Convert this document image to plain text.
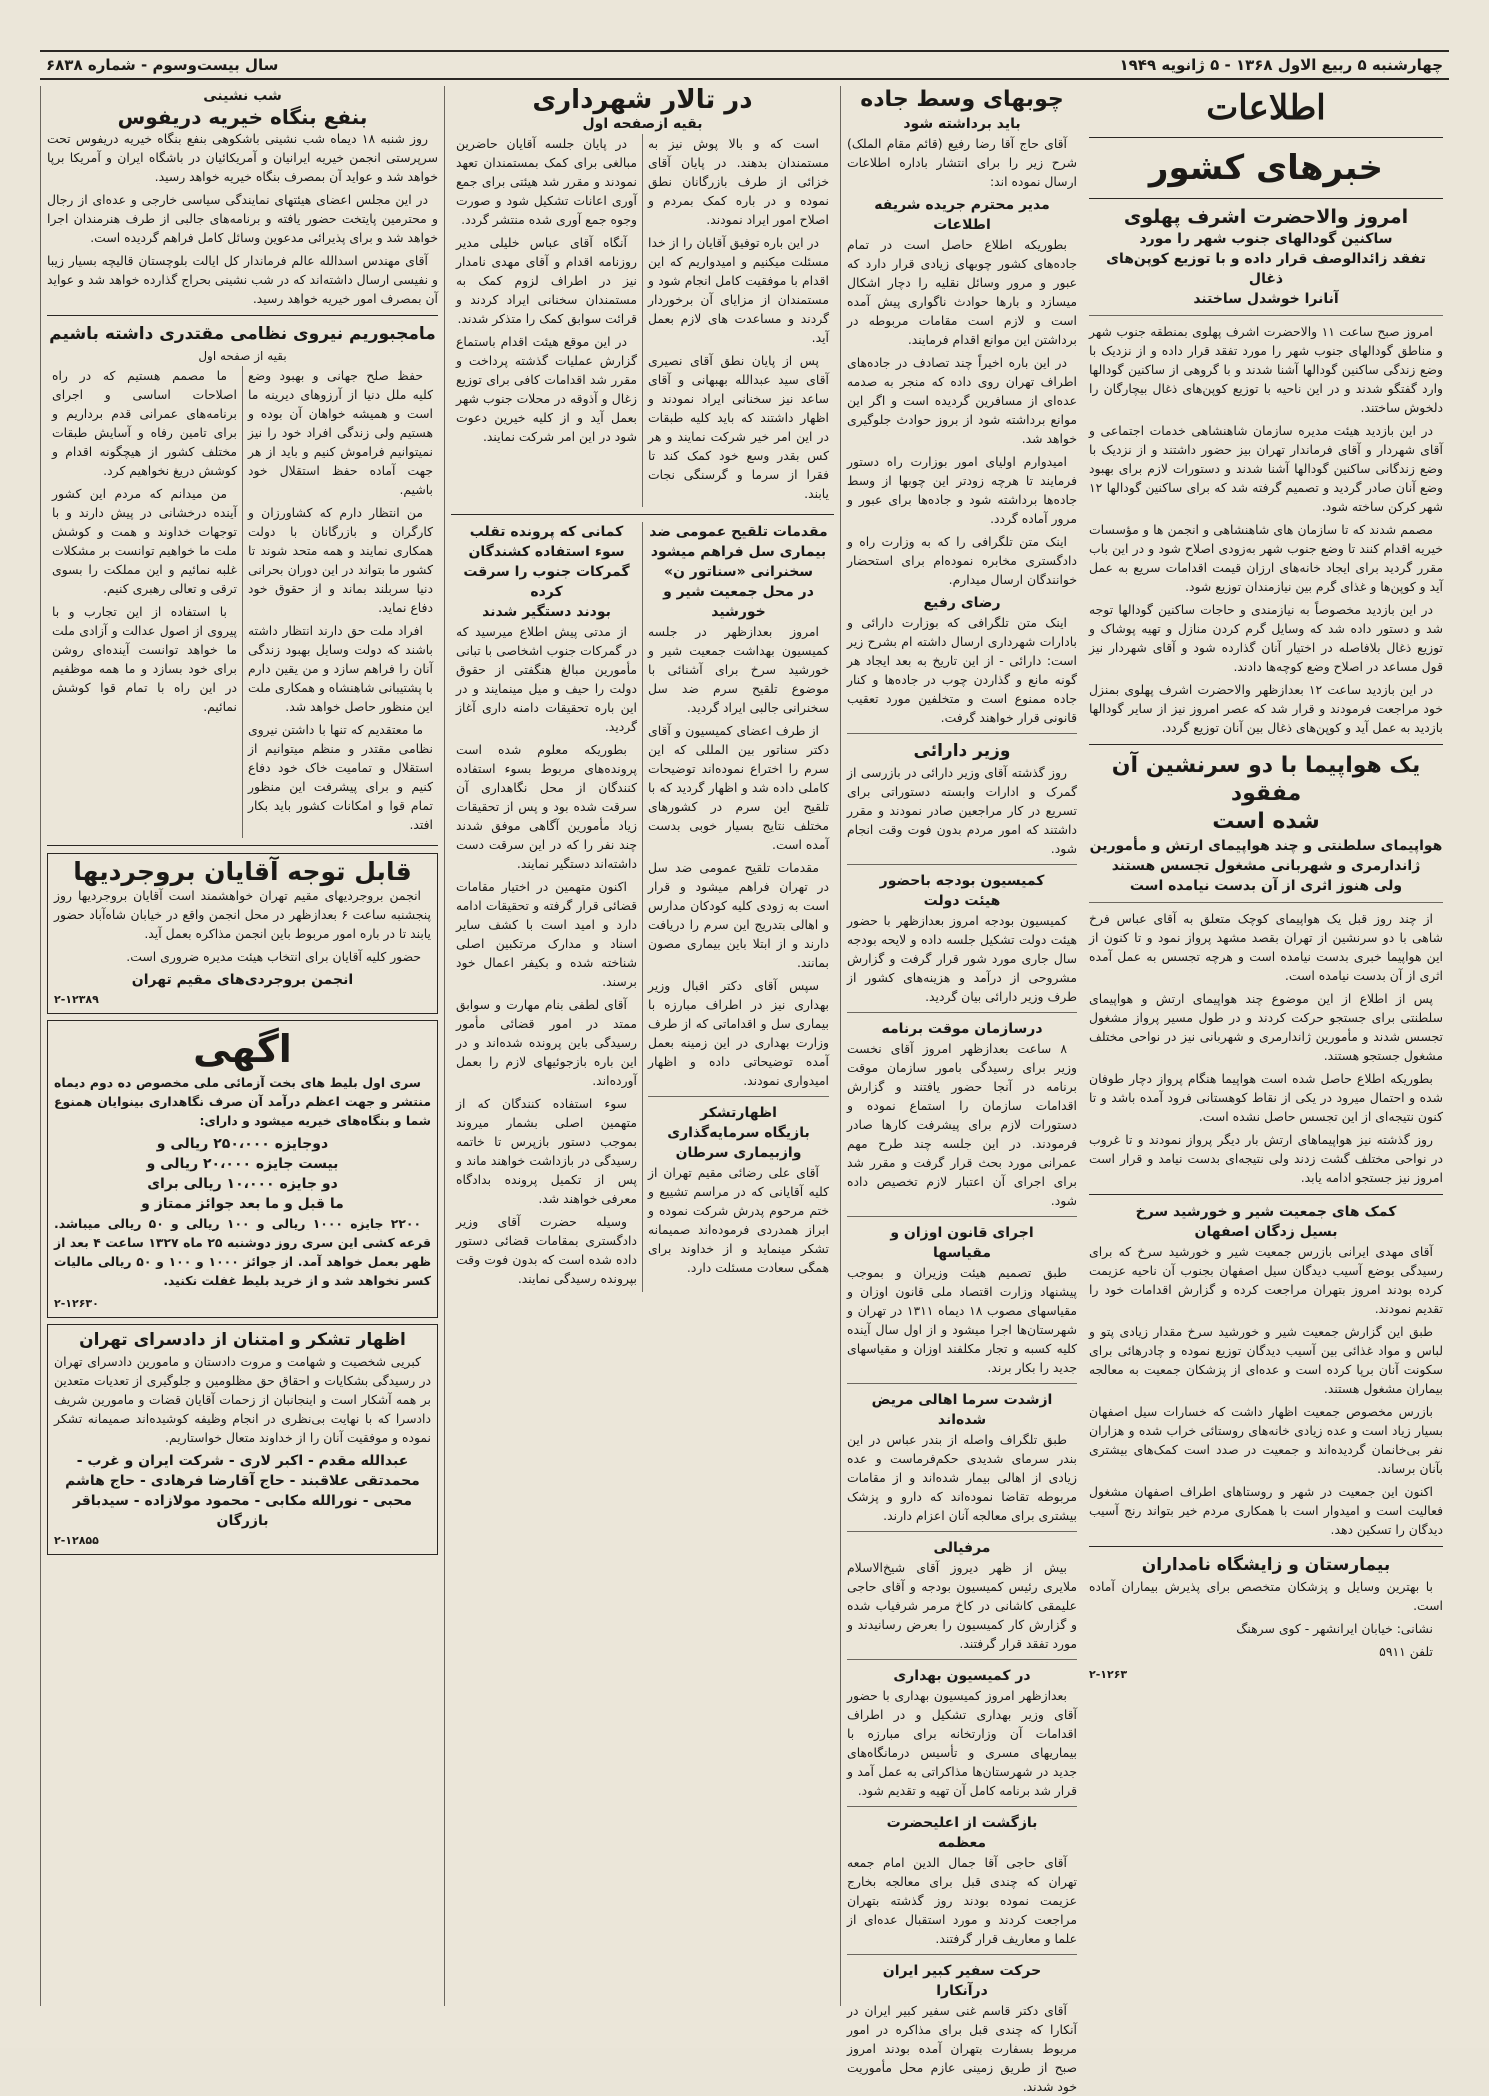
چهارشنبه ۵ ربیع الاول ۱۳۶۸ - ۵ ژانویه ۱۹۴۹
سال بیست‌وسوم - شماره ۶۸۳۸
اطلاعات
خبرهای کشور
امروز والاحضرت اشرف پهلوی
ساکنین گودالهای جنوب شهر را مورد
تفقد زائدالوصف قرار داده و با توزیع کوپن‌های ذغال
آنانرا خوشدل ساختند

امروز صبح ساعت ۱۱ والاحضرت اشرف پهلوی بمنطقه جنوب شهر و مناطق گودالهای جنوب شهر را مورد تفقد قرار داده و از نزدیک با وضع زندگی ساکنین گودالها آشنا شدند و با گروهی از ساکنین گودالها وارد گفتگو شدند و در این ناحیه با توزیع کوپن‌های ذغال بیچارگان را دلخوش ساختند.

در این بازدید هیئت مدیره سازمان شاهنشاهی خدمات اجتماعی و آقای شهردار و آقای فرماندار تهران بیز حضور داشتند و از نزدیک با وضع زندگانی ساکنین گودالها آشنا شدند و دستورات لازم برای بهبود وضع آنان صادر گردید و تصمیم گرفته شد که برای ساکنین گودالها ۱۲ شهر کرکن ساخته شود.

مصمم شدند که تا سازمان های شاهنشاهی و انجمن ها و مؤسسات خیریه اقدام کنند تا وضع جنوب شهر به‌زودی اصلاح شود و در این باب مقرر گردید برای ایجاد خانه‌های ارزان قیمت اقدامات سریع به عمل آید و کوپن‌ها و غذای گرم بین نیازمندان توزیع شود.

در این بازدید مخصوصاً به نیازمندی و حاجات ساکنین گودالها توجه شد و دستور داده شد که وسایل گرم کردن منازل و تهیه پوشاک و توزیع ذغال بلافاصله در اختیار آنان گذارده شود و آقای شهردار نیز قول مساعد در اصلاح وضع کوچه‌ها دادند.

در این بازدید ساعت ۱۲ بعدازظهر والاحضرت اشرف پهلوی بمنزل خود مراجعت فرمودند و قرار شد که عصر امروز نیز از سایر گودالها بازدید به عمل آید و کوپن‌های ذغال بین آنان توزیع گردد.

یک هواپیما با دو سرنشین آن مفقود
شده است
هواپیمای سلطنتی و چند هواپیمای ارتش و مأمورین
ژاندارمری و شهربانی مشغول تجسس هستند
ولی هنوز اثری از آن بدست نیامده است

از چند روز قبل یک هواپیمای کوچک متعلق به آقای عباس فرخ شاهی با دو سرنشین از تهران بقصد مشهد پرواز نمود و تا کنون از این هواپیما خبری بدست نیامده است و هرچه تجسس به عمل آمده اثری از آن بدست نیامده است.

پس از اطلاع از این موضوع چند هواپیمای ارتش و هواپیمای سلطنتی برای جستجو حرکت کردند و در طول مسیر پرواز مشغول تجسس شدند و مأمورین ژاندارمری و شهربانی نیز در نواحی مختلف مشغول جستجو هستند.

بطوریکه اطلاع حاصل شده است هواپیما هنگام پرواز دچار طوفان شده و احتمال میرود در یکی از نقاط کوهستانی فرود آمده باشد و تا کنون نتیجه‌ای از این تجسس حاصل نشده است.

روز گذشته نیز هواپیماهای ارتش بار دیگر پرواز نمودند و تا غروب در نواحی مختلف گشت زدند ولی نتیجه‌ای بدست نیامد و قرار است امروز نیز جستجو ادامه یابد.

کمک های جمعیت شیر و خورشید سرخ
بسیل زدگان اصفهان

آقای مهدی ایرانی بازرس جمعیت شیر و خورشید سرخ که برای رسیدگی بوضع آسیب دیدگان سیل اصفهان بجنوب آن ناحیه عزیمت کرده بودند امروز بتهران مراجعت کرده و گزارش اقدامات خود را تقدیم نمودند.

طبق این گزارش جمعیت شیر و خورشید سرخ مقدار زیادی پتو و لباس و مواد غذائی بین آسیب دیدگان توزیع نموده و چادرهائی برای سکونت آنان برپا کرده است و عده‌ای از پزشکان جمعیت به معالجه بیماران مشغول هستند.

بازرس مخصوص جمعیت اظهار داشت که خسارات سیل اصفهان بسیار زیاد است و عده زیادی خانه‌های روستائی خراب شده و هزاران نفر بی‌خانمان گردیده‌اند و جمعیت در صدد است کمک‌های بیشتری بآنان برساند.

اکنون این جمعیت در شهر و روستاهای اطراف اصفهان مشغول فعالیت است و امیدوار است با همکاری مردم خیر بتواند رنج آسیب دیدگان را تسکین دهد.

بیمارستان و زایشگاه نامداران

با بهترین وسایل و پزشکان متخصص برای پذیرش بیماران آماده است.

نشانی: خیابان ایرانشهر - کوی سرهنگ

تلفن ۵۹۱۱

۲-۱۲۶۳
چوبهای وسط جاده
باید برداشته شود

آقای حاج آقا رضا رفیع (قائم مقام الملک) شرح زیر را برای انتشار باداره اطلاعات ارسال نموده اند:

مدیر محترم جریده شریفه اطلاعات

بطوریکه اطلاع حاصل است در تمام جاده‌های کشور چوبهای زیادی قرار دارد که عبور و مرور وسائل نقلیه را دچار اشکال میسازد و بارها حوادث ناگواری پیش آمده است و لازم است مقامات مربوطه در برداشتن این موانع اقدام فرمایند.

در این باره اخیراً چند تصادف در جاده‌های اطراف تهران روی داده که منجر به صدمه عده‌ای از مسافرین گردیده است و اگر این موانع برداشته شود از بروز حوادث جلوگیری خواهد شد.

امیدوارم اولیای امور بوزارت راه دستور فرمایند تا هرچه زودتر این چوبها از وسط جاده‌ها برداشته شود و جاده‌ها برای عبور و مرور آماده گردد.

اینک متن تلگرافی را که به وزارت راه و دادگستری مخابره نموده‌ام برای استحضار خوانندگان ارسال میدارم.

رضای رفیع

اینک متن تلگرافی که بوزارت دارائی و بادارات شهرداری ارسال داشته ام بشرح زیر است: دارائی - از این تاریخ به بعد ایجاد هر گونه مانع و گذاردن چوب در جاده‌ها و کنار جاده ممنوع است و متخلفین مورد تعقیب قانونی قرار خواهند گرفت.

وزیر دارائی

روز گذشته آقای وزیر دارائی در بازرسی از گمرک و ادارات وابسته دستوراتی برای تسریع در کار مراجعین صادر نمودند و مقرر داشتند که امور مردم بدون فوت وقت انجام شود.

کمیسیون بودجه باحضور
هیئت دولت

کمیسیون بودجه امروز بعدازظهر با حضور هیئت دولت تشکیل جلسه داده و لایحه بودجه سال جاری مورد شور قرار گرفت و گزارش مشروحی از درآمد و هزینه‌های کشور از طرف وزیر دارائی بیان گردید.

درسازمان موقت برنامه

۸ ساعت بعدازظهر امروز آقای نخست وزیر برای رسیدگی بامور سازمان موقت برنامه در آنجا حضور یافتند و گزارش اقدامات سازمان را استماع نموده و دستورات لازم برای پیشرفت کارها صادر فرمودند. در این جلسه چند طرح مهم عمرانی مورد بحث قرار گرفت و مقرر شد برای اجرای آن اعتبار لازم تخصیص داده شود.

اجرای قانون اوزان و
مقیاسها

طبق تصمیم هیئت وزیران و بموجب پیشنهاد وزارت اقتصاد ملی قانون اوزان و مقیاسهای مصوب ۱۸ دیماه ۱۳۱۱ در تهران و شهرستان‌ها اجرا میشود و از اول سال آینده کلیه کسبه و تجار مکلفند اوزان و مقیاسهای جدید را بکار برند.

ازشدت سرما اهالی مریض
شده‌اند

طبق تلگراف واصله از بندر عباس در این بندر سرمای شدیدی حکم‌فرماست و عده زیادی از اهالی بیمار شده‌اند و از مقامات مربوطه تقاضا نموده‌اند که دارو و پزشک بیشتری برای معالجه آنان اعزام دارند.

مرفیالی

بیش از ظهر دیروز آقای شیخ‌الاسلام ملایری رئیس کمیسیون بودجه و آقای حاجی علیمقی کاشانی در کاخ مرمر شرفیاب شده و گزارش کار کمیسیون را بعرض رسانیدند و مورد تفقد قرار گرفتند.

در کمیسیون بهداری

بعدازظهر امروز کمیسیون بهداری با حضور آقای وزیر بهداری تشکیل و در اطراف اقدامات آن وزارتخانه برای مبارزه با بیماریهای مسری و تأسیس درمانگاه‌های جدید در شهرستان‌ها مذاکراتی به عمل آمد و قرار شد برنامه کامل آن تهیه و تقدیم شود.

بازگشت از اعلیحضرت
معظمه

آقای حاجی آقا جمال الدین امام جمعه تهران که چندی قبل برای معالجه بخارج عزیمت نموده بودند روز گذشته بتهران مراجعت کردند و مورد استقبال عده‌ای از علما و معاریف قرار گرفتند.

حرکت سفیر کبیر ایران
درآنکارا

آقای دکتر قاسم غنی سفیر کبیر ایران در آنکارا که چندی قبل برای مذاکره در امور مربوط بسفارت بتهران آمده بودند امروز صبح از طریق زمینی عازم محل مأموریت خود شدند.

در تالار شهرداری
بقیه ازصفحه اول

است که و بالا پوش نیز به مستمندان بدهند. در پایان آقای خزائی از طرف بازرگانان نطق نموده و در باره کمک بمردم و اصلاح امور ایراد نمودند.

در این باره توفیق آقایان را از خدا مسئلت میکنیم و امیدواریم که این اقدام با موفقیت کامل انجام شود و مستمندان از مزایای آن برخوردار گردند و مساعدت های لازم بعمل آید.

پس از پایان نطق آقای نصیری آقای سید عبدالله بهبهانی و آقای ساعد نیز سخنانی ایراد نمودند و اظهار داشتند که باید کلیه طبقات در این امر خیر شرکت نمایند و هر کس بقدر وسع خود کمک کند تا فقرا از سرما و گرسنگی نجات یابند.

در پایان جلسه آقایان حاضرین مبالغی برای کمک بمستمندان تعهد نمودند و مقرر شد هیئتی برای جمع آوری اعانات تشکیل شود و صورت وجوه جمع آوری شده منتشر گردد.

آنگاه آقای عباس خلیلی مدیر روزنامه اقدام و آقای مهدی نامدار نیز در اطراف لزوم کمک به مستمندان سخنانی ایراد کردند و قرائت سوابق کمک را متذکر شدند.

در این موقع هیئت اقدام باستماع گزارش عملیات گذشته پرداخت و مقرر شد اقدامات کافی برای توزیع زغال و آذوقه در محلات جنوب شهر بعمل آید و از کلیه خیرین دعوت شود در این امر شرکت نمایند.

مقدمات تلقیح عمومی ضد
بیماری سل فراهم میشود
سخنرانی «سناتور ن»
در محل جمعیت شیر و خورشید

امروز بعدازظهر در جلسه کمیسیون بهداشت جمعیت شیر و خورشید سرخ برای آشنائی با موضوع تلقیح سرم ضد سل سخنرانی جالبی ایراد گردید.

از طرف اعضای کمیسیون و آقای دکتر سناتور بین المللی که این سرم را اختراع نموده‌اند توضیحات کاملی داده شد و اظهار گردید که با تلقیح این سرم در کشورهای مختلف نتایج بسیار خوبی بدست آمده است.

مقدمات تلقیح عمومی ضد سل در تهران فراهم میشود و قرار است به زودی کلیه کودکان مدارس و اهالی بتدریج این سرم را دریافت دارند و از ابتلا باین بیماری مصون بمانند.

سپس آقای دکتر اقبال وزیر بهداری نیز در اطراف مبارزه با بیماری سل و اقداماتی که از طرف وزارت بهداری در این زمینه بعمل آمده توضیحاتی داده و اظهار امیدواری نمودند.

اظهارتشکر
بازیگاه سرمایه‌گذاری
وازبیماری سرطان

آقای علی رضائی مقیم تهران از کلیه آقایانی که در مراسم تشییع و ختم مرحوم پدرش شرکت نموده و ابراز همدردی فرموده‌اند صمیمانه تشکر مینماید و از خداوند برای همگی سعادت مسئلت دارد.

کمانی که پرونده تقلب
سوء استفاده کشندگان
گمرکات جنوب را سرقت کرده
بودند دستگیر شدند

از مدتی پیش اطلاع میرسید که در گمرکات جنوب اشخاصی با تبانی مأمورین مبالغ هنگفتی از حقوق دولت را حیف و میل مینمایند و در این باره تحقیقات دامنه داری آغاز گردید.

بطوریکه معلوم شده است پرونده‌های مربوط بسوء استفاده کنندگان از محل نگاهداری آن سرقت شده بود و پس از تحقیقات زیاد مأمورین آگاهی موفق شدند چند نفر را که در این سرقت دست داشته‌اند دستگیر نمایند.

اکنون متهمین در اختیار مقامات قضائی قرار گرفته و تحقیقات ادامه دارد و امید است با کشف سایر اسناد و مدارک مرتکبین اصلی شناخته شده و بکیفر اعمال خود برسند.

آقای لطفی بنام مهارت و سوابق ممتد در امور قضائی مأمور رسیدگی باین پرونده شده‌اند و در این باره بازجوئیهای لازم را بعمل آورده‌اند.

سوء استفاده کنندگان که از متهمین اصلی بشمار میروند بموجب دستور بازپرس تا خاتمه رسیدگی در بازداشت خواهند ماند و پس از تکمیل پرونده بدادگاه معرفی خواهند شد.

وسیله حضرت آقای وزیر دادگستری بمقامات قضائی دستور داده شده است که بدون فوت وقت بپرونده رسیدگی نمایند.

شب نشینی
بنفع بنگاه خیریه دریفوس

روز شنبه ۱۸ دیماه شب نشینی باشکوهی بنفع بنگاه خیریه دریفوس تحت سرپرستی انجمن خیریه ایرانیان و آمریکائیان در باشگاه ایران و آمریکا برپا خواهد شد و عواید آن بمصرف بنگاه خیریه خواهد رسید.

در این مجلس اعضای هیئتهای نمایندگی سیاسی خارجی و عده‌ای از رجال و محترمین پایتخت حضور یافته و برنامه‌های جالبی از طرف هنرمندان اجرا خواهد شد و برای پذیرائی مدعوین وسائل کامل فراهم گردیده است.

آقای مهندس اسدالله عالم فرماندار کل ایالت بلوچستان قالیچه بسیار زیبا و نفیسی ارسال داشته‌اند که در شب نشینی بحراج گذارده خواهد شد و عواید آن بمصرف امور خیریه خواهد رسید.

مامجبوریم نیروی نظامی مقتدری داشته باشیم
بقیه از صفحه اول

حفظ صلح جهانی و بهبود وضع کلیه ملل دنیا از آرزوهای دیرینه ما است و همیشه خواهان آن بوده و هستیم ولی زندگی افراد خود را نیز نمیتوانیم فراموش کنیم و باید از هر جهت آماده حفظ استقلال خود باشیم.

من انتظار دارم که کشاورزان و کارگران و بازرگانان با دولت همکاری نمایند و همه متحد شوند تا کشور ما بتواند در این دوران بحرانی دنیا سربلند بماند و از حقوق خود دفاع نماید.

افراد ملت حق دارند انتظار داشته باشند که دولت وسایل بهبود زندگی آنان را فراهم سازد و من یقین دارم با پشتیبانی شاهنشاه و همکاری ملت این منظور حاصل خواهد شد.

ما معتقدیم که تنها با داشتن نیروی نظامی مقتدر و منظم میتوانیم از استقلال و تمامیت خاک خود دفاع کنیم و برای پیشرفت این منظور تمام قوا و امکانات کشور باید بکار افتد.

ما مصمم هستیم که در راه اصلاحات اساسی و اجرای برنامه‌های عمرانی قدم برداریم و برای تامین رفاه و آسایش طبقات مختلف کشور از هیچگونه اقدام و کوشش دریغ نخواهیم کرد.

من میدانم که مردم این کشور آینده درخشانی در پیش دارند و با توجهات خداوند و همت و کوشش ملت ما خواهیم توانست بر مشکلات غلبه نمائیم و این مملکت را بسوی ترقی و تعالی رهبری کنیم.

با استفاده از این تجارب و با پیروی از اصول عدالت و آزادی ملت ما خواهد توانست آینده‌ای روشن برای خود بسازد و ما همه موظفیم در این راه با تمام قوا کوشش نمائیم.

قابل توجه آقایان بروجردیها

انجمن بروجردیهای مقیم تهران خواهشمند است آقایان بروجردیها روز پنجشنبه ساعت ۶ بعدازظهر در محل انجمن واقع در خیابان شاه‌آباد حضور یابند تا در باره امور مربوط باین انجمن مذاکره بعمل آید.

حضور کلیه آقایان برای انتخاب هیئت مدیره ضروری است.

انجمن بروجردی‌های مقیم تهران
۲-۱۲۳۸۹
اگهی

سری اول بلیط های بخت آزمائی ملی مخصوص ده دوم دیماه منتشر و جهت اعظم درآمد آن صرف نگاهداری بینوایان همنوع شما و بنگاه‌های خیریه میشود و دارای:

دوجایزه ۲۵۰،۰۰۰ ریالی و
بیست جایزه ۲۰،۰۰۰ ریالی و
دو جایزه ۱۰،۰۰۰ ریالی برای
ما قبل و ما بعد جوائز ممتاز و

۲۲۰۰ جایزه ۱۰۰۰ ریالی و ۱۰۰ ریالی و ۵۰ ریالی میباشد. قرعه کشی این سری روز دوشنبه ۲۵ ماه ۱۳۲۷ ساعت ۴ بعد از ظهر بعمل خواهد آمد. از جوائز ۱۰۰۰ و ۱۰۰ و ۵۰ ریالی مالیات کسر نخواهد شد و از خرید بلیط غفلت نکنید.

۲-۱۲۶۳۰
اظهار تشکر و امتنان از دادسرای تهران

کبریی شخصیت و شهامت و مروت دادستان و مامورین دادسرای تهران در رسیدگی بشکایات و احقاق حق مظلومین و جلوگیری از تعدیات متعدین بر همه آشکار است و اینجانبان از زحمات آقایان قضات و مامورین شریف دادسرا که با نهایت بی‌نظری در انجام وظیفه کوشیده‌اند صمیمانه تشکر نموده و موفقیت آنان را از خداوند متعال خواستاریم.

عبدالله مقدم - اکبر لاری - شرکت ایران و غرب -
محمدتقی علاقبند - حاج آقارضا فرهادی - حاج هاشم
محبی - نورالله مکابی - محمود مولازاده - سیدباقر
بازرگان
۲-۱۲۸۵۵
